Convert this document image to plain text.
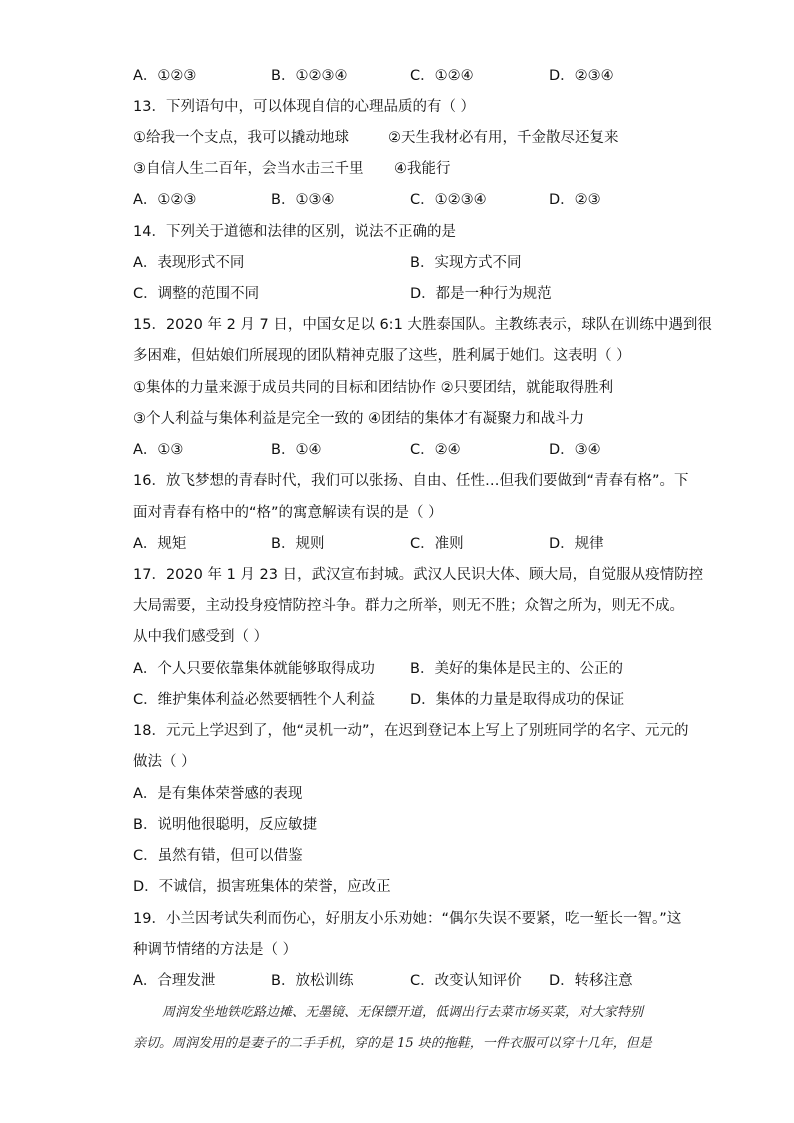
A．①②③	B．①②③④	C．①②④	D．②③④
13．下列语句中，可以体现自信的心理品质的有（ ）
①给我一个支点，我可以撬动地球	②天生我材必有用，千金散尽还复来
③自信人生二百年，会当水击三千里 ④我能行
A．①②③	B．①③④	C．①②③④	D．②③
14．下列关于道德和法律的区别，说法不正确的是
A．表现形式不同	B．实现方式不同
C．调整的范围不同	D．都是一种行为规范
15．2020 年 2 月 7 日，中国女足以 6:1 大胜泰国队。主教练表示，球队在训练中遇到很
多困难，但姑娘们所展现的团队精神克服了这些，胜利属于她们。这表明（ ）
①集体的力量来源于成员共同的目标和团结协作 ②只要团结，就能取得胜利
③个人利益与集体利益是完全一致的 ④团结的集体才有凝聚力和战斗力
A．①③	B．①④	C．②④	D．③④
16．放飞梦想的青春时代，我们可以张扬、自由、任性…但我们要做到“青春有格”。下
面对青春有格中的“格”的寓意解读有误的是（ ）
A．规矩	B．规则	C．准则	D．规律
17．2020 年 1 月 23 日，武汉宣布封城。武汉人民识大体、顾大局，自觉服从疫情防控
大局需要，主动投身疫情防控斗争。群力之所举，则无不胜；众智之所为，则无不成。
从中我们感受到（ ）
A．个人只要依靠集体就能够取得成功 B．美好的集体是民主的、公正的
C．维护集体利益必然要牺牲个人利益 D．集体的力量是取得成功的保证
18．元元上学迟到了，他“灵机一动”，在迟到登记本上写上了别班同学的名字、元元的
做法（ ）
A．是有集体荣誉感的表现
B．说明他很聪明，反应敏捷
C．虽然有错，但可以借鉴
D．不诚信，损害班集体的荣誉，应改正
19．小兰因考试失利而伤心，好朋友小乐劝她：“偶尔失误不要紧，吃一堑长一智。”这
种调节情绪的方法是（ ）
A．合理发泄	B．放松训练	C．改变认知评价 D．转移注意
周润发坐地铁吃路边摊、无墨镜、无保镖开道，低调出行去菜市场买菜，对大家特别
亲切。周润发用的是妻子的二手手机，穿的是 15 块的拖鞋，一件衣服可以穿十几年，但是
